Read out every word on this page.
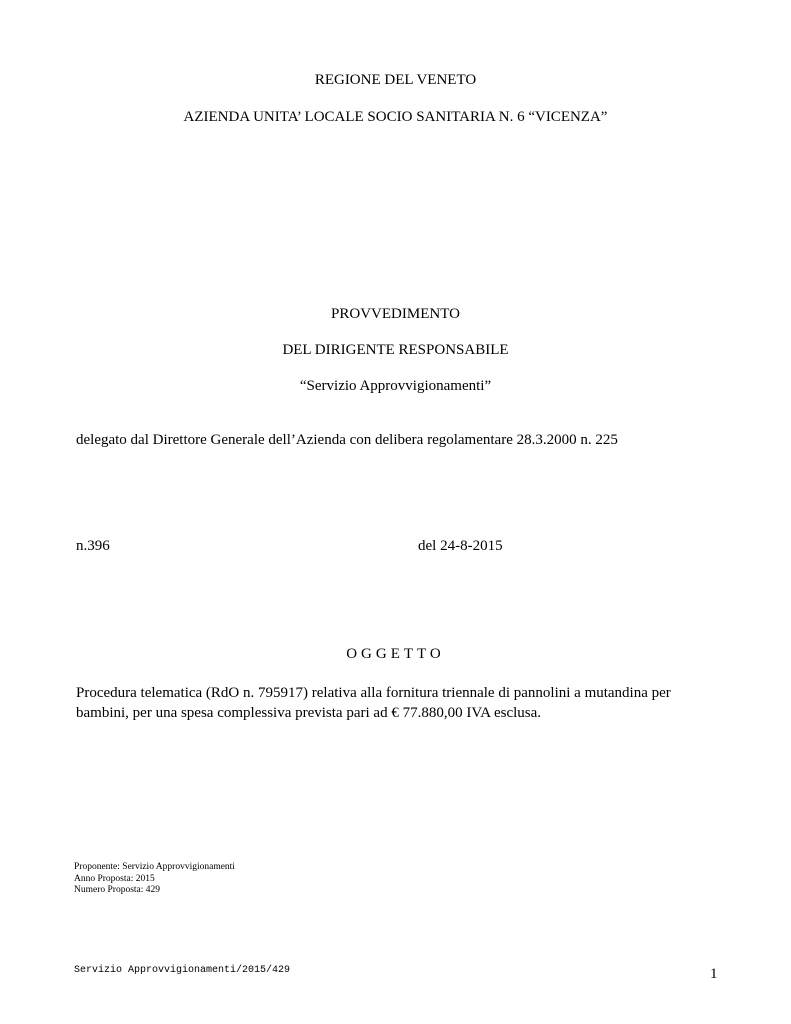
REGIONE DEL VENETO
AZIENDA UNITA’ LOCALE SOCIO SANITARIA N. 6 “VICENZA”
PROVVEDIMENTO
DEL DIRIGENTE RESPONSABILE
“Servizio Approvvigionamenti”
delegato dal Direttore Generale dell’Azienda con delibera regolamentare 28.3.2000 n. 225
n.396	del 24-8-2015
OGGETTO
Procedura telematica (RdO n. 795917) relativa alla fornitura triennale di pannolini a mutandina per bambini, per una spesa complessiva prevista pari ad € 77.880,00 IVA esclusa.
Proponente: Servizio Approvvigionamenti
Anno Proposta: 2015
Numero Proposta: 429
Servizio Approvvigionamenti/2015/429	1
